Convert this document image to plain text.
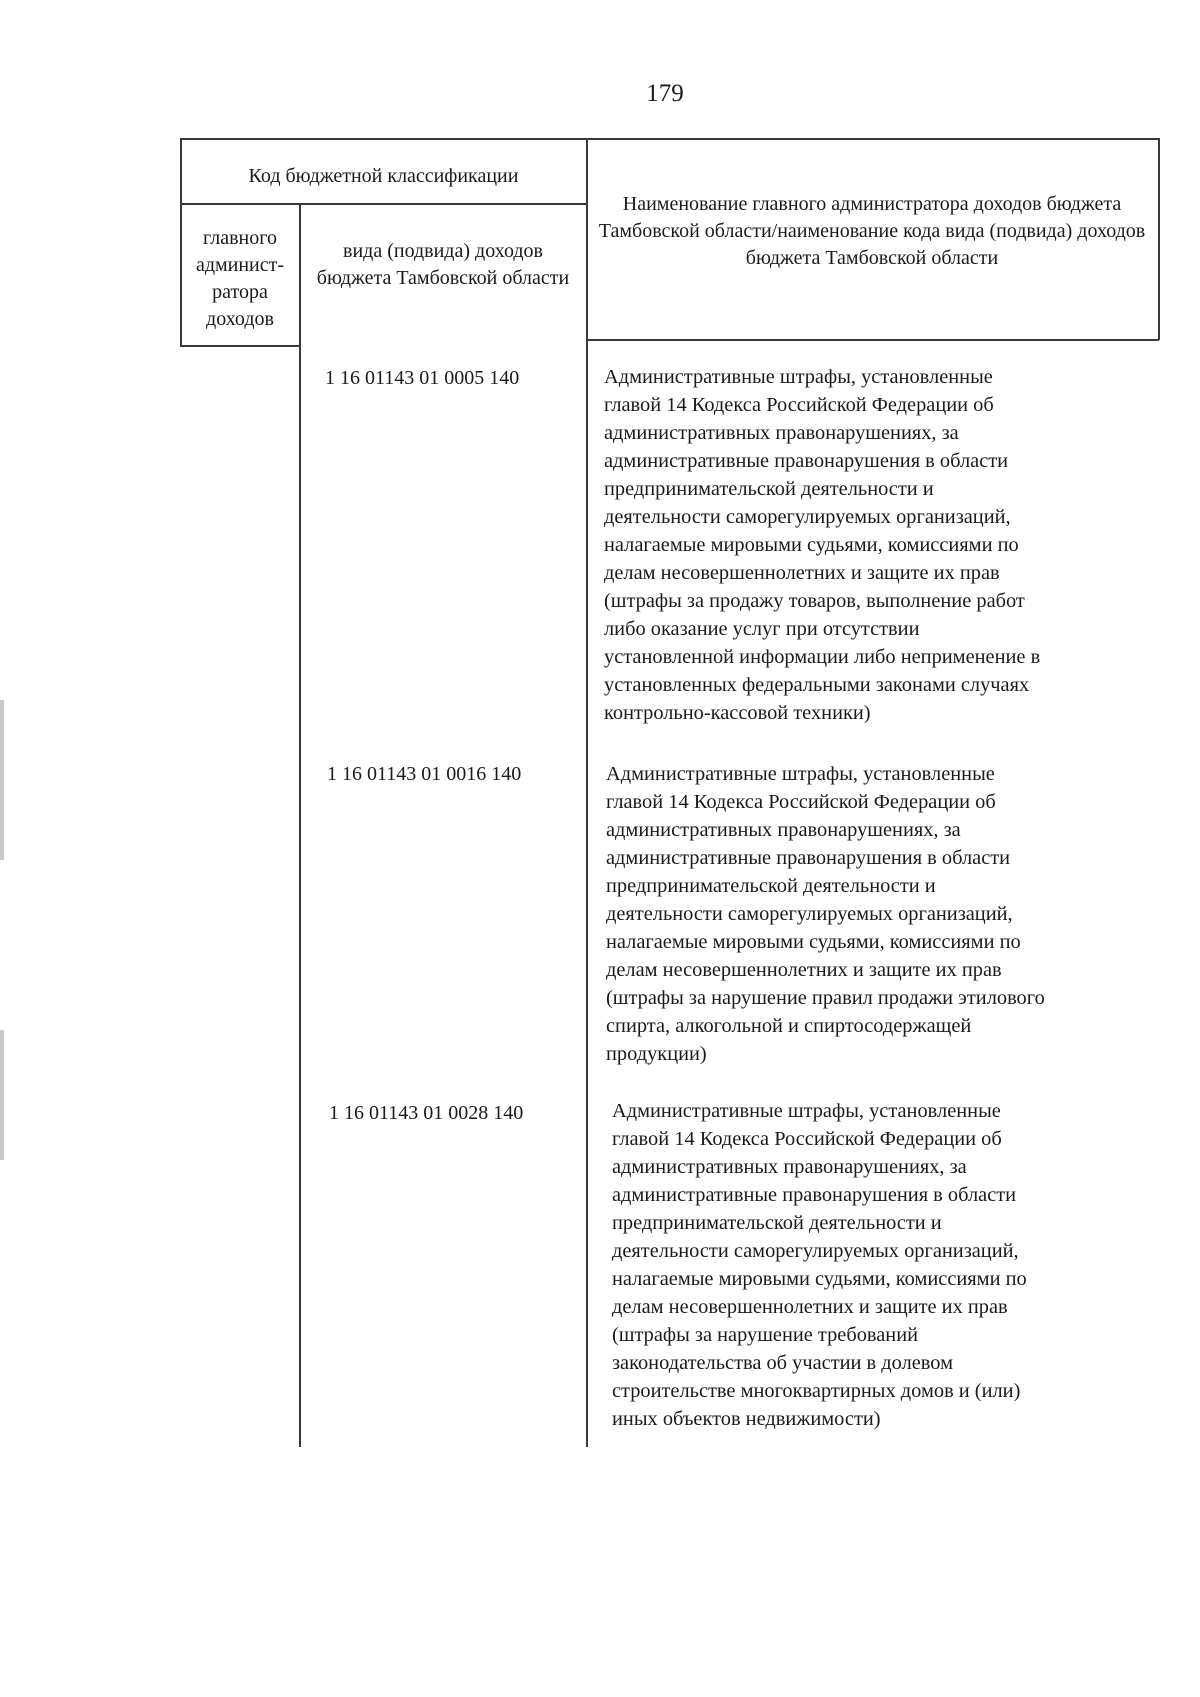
179
Код бюджетной классификации
главного админист-ратора доходов
вида (подвида) доходов бюджета Тамбовской области
Наименование главного администратора доходов бюджета Тамбовской области/наименование кода вида (подвида) доходов бюджета Тамбовской области
1 16 01143 01 0005 140	Административные штрафы, установленные
главой 14 Кодекса Российской Федерации об
административных правонарушениях, за
административные правонарушения в области
предпринимательской деятельности и
деятельности саморегулируемых организаций,
налагаемые мировыми судьями, комиссиями по
делам несовершеннолетних и защите их прав
(штрафы за продажу товаров, выполнение работ
либо оказание услуг при отсутствии
установленной информации либо неприменение в
установленных федеральными законами случаях
контрольно-кассовой техники)
1 16 01143 01 0016 140	Административные штрафы, установленные
главой 14 Кодекса Российской Федерации об
административных правонарушениях, за
административные правонарушения в области
предпринимательской деятельности и
деятельности саморегулируемых организаций,
налагаемые мировыми судьями, комиссиями по
делам несовершеннолетних и защите их прав
(штрафы за нарушение правил продажи этилового
спирта, алкогольной и спиртосодержащей
продукции)
1 16 01143 01 0028 140	Административные штрафы, установленные
главой 14 Кодекса Российской Федерации об
административных правонарушениях, за
административные правонарушения в области
предпринимательской деятельности и
деятельности саморегулируемых организаций,
налагаемые мировыми судьями, комиссиями по
делам несовершеннолетних и защите их прав
(штрафы за нарушение требований
законодательства об участии в долевом
строительстве многоквартирных домов и (или)
иных объектов недвижимости)
